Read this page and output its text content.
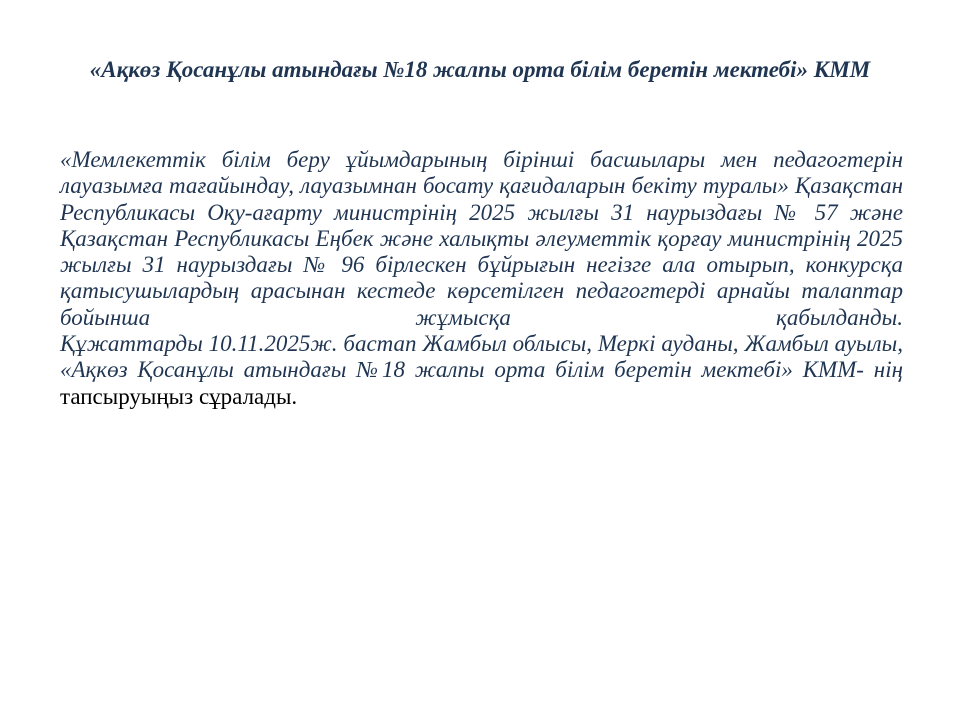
«Ақкөз Қосанұлы атындағы №18 жалпы орта білім беретін мектебі» КММ

«Мемлекеттік білім беру ұйымдарының бірінші басшылары мен педагогтерін лауазымға тағайындау, лауазымнан босату қағидаларын бекіту туралы» Қазақстан Республикасы Оқу-ағарту министрінің 2025 жылғы 31 наурыздағы № 57 және Қазақстан Республикасы Еңбек және халықты әлеуметтік қорғау министрінің 2025 жылғы 31 наурыздағы № 96 бірлескен бұйрығын негізге ала отырып, конкурсқа қатысушылардың арасынан кестеде көрсетілген педагогтерді арнайы талаптар бойынша жұмысқа қабылданды.

Құжаттарды 10.11.2025ж. бастап Жамбыл облысы, Меркі ауданы, Жамбыл ауылы, «Ақкөз Қосанұлы атындағы №18 жалпы орта білім беретін мектебі» КММ- нің тапсыруыңыз сұралады.
